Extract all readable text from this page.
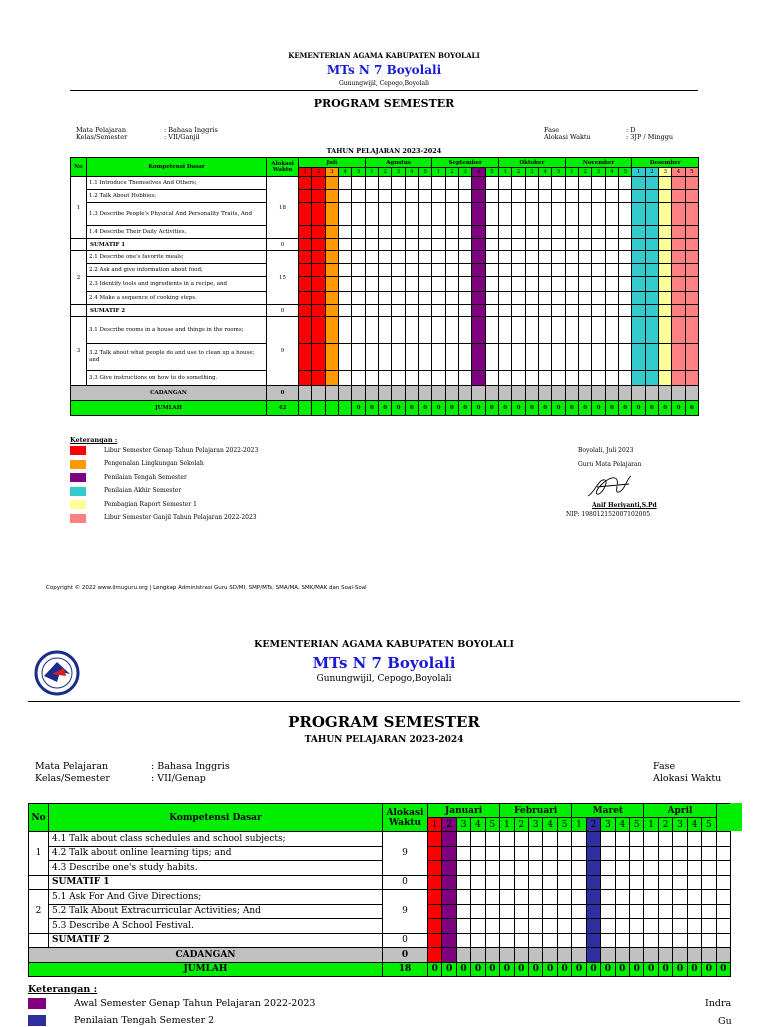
KEMENTERIAN AGAMA KABUPATEN BOYOLALI
MTs N 7 Boyolali
Gunungwijil, Cepogo,Boyolali
PROGRAM SEMESTER
Mata Pelajaran	: Bahasa Inggris
Kelas/Semester	: VII/Ganjil
Fase	: D
Alokasi Waktu	: 3JP / Minggu
TAHUN PELAJARAN 2023-2024
No	Kompetensi Dasar	Alokasi Waktu	Juli					Agustus					September					Oktober					November					Desember				
			1	2	3	4	5	1	2	3	4	5	1	2	3	4	5	1	2	3	4	5	1	2	3	4	5	1	2	3	4	5
1	1.1 Introduce Themselves And Others;	18																														
	1.2 Talk About Hobbies;																															
	1.3 Describe People's Physical And Personality Traits, And																															
	1.4 Describe Their Daily Activities.																															
	SUMATIF 1	0																														
2	2.1 Describe one's favorite meals;	15																														
	2.2 Ask and give information about food;																															
	2.3 Identify tools and ingredients in a recipe, and																															
	2.4 Make a sequence of cooking steps.																															
	SUMATIF 2	0																														
3	3.1 Describe rooms in a house and things in the rooms;	9																														
	3.2 Talk about what people do and use to clean up a house; and																															
	3.3 Give instructions on how to do something.																															
CADANGAN		0																														
JUMLAH		42					0	0	0	0	0	0	0	0	0	0	0	0	0	0	0	0	0	0	0	0	0	0	0	0	0	0
Keterangan :
Libur Semester Genap Tahun Pelajaran 2022-2023
Pengenalan Lingkungan Sekolah
Penilaian Tengah Semester
Penilaian Akhir Semester
Pembagian Raport Semester 1
Libur Semester Ganjil Tahun Pelajaran 2022-2023
Boyolali, Juli 2023
Guru Mata Pelajaran
Anif Heriyanti,S.Pd
NIP: 198012152007102005
Copyright © 2022 www.ilmuguru.org | Lengkap Administrasi Guru SD/MI, SMP/MTs, SMA/MA, SMK/MAK dan Soal-Soal
KEMENTERIAN AGAMA KABUPATEN BOYOLALI
MTs N 7 Boyolali
Gunungwijil, Cepogo,Boyolali
PROGRAM SEMESTER
TAHUN PELAJARAN 2023-2024
Mata Pelajaran	: Bahasa Inggris
Kelas/Semester	: VII/Genap
Fase
Alokasi Waktu
No	Kompetensi Dasar	Alokasi Waktu	Januari					Februari					Maret					April					
			1	2	3	4	5	1	2	3	4	5	1	2	3	4	5	1	2	3	4	5	
1	4.1 Talk about class schedules and school subjects;	9																					
	4.2 Talk about online learning tips; and																						
	4.3 Describe one's study habits.																						
	SUMATIF 1	0																					
2	5.1 Ask For And Give Directions;	9																					
	5.2 Talk About Extracurricular Activities; And																						
	5.3 Describe A School Festival.																						
	SUMATIF 2	0																					
CADANGAN		0																					
JUMLAH		18	0	0	0	0	0	0	0	0	0	0	0	0	0	0	0	0	0	0	0	0	0
Keterangan :
Awal Semester Genap Tahun Pelajaran 2022-2023
Penilaian Tengah Semester 2
Indra
Gu
